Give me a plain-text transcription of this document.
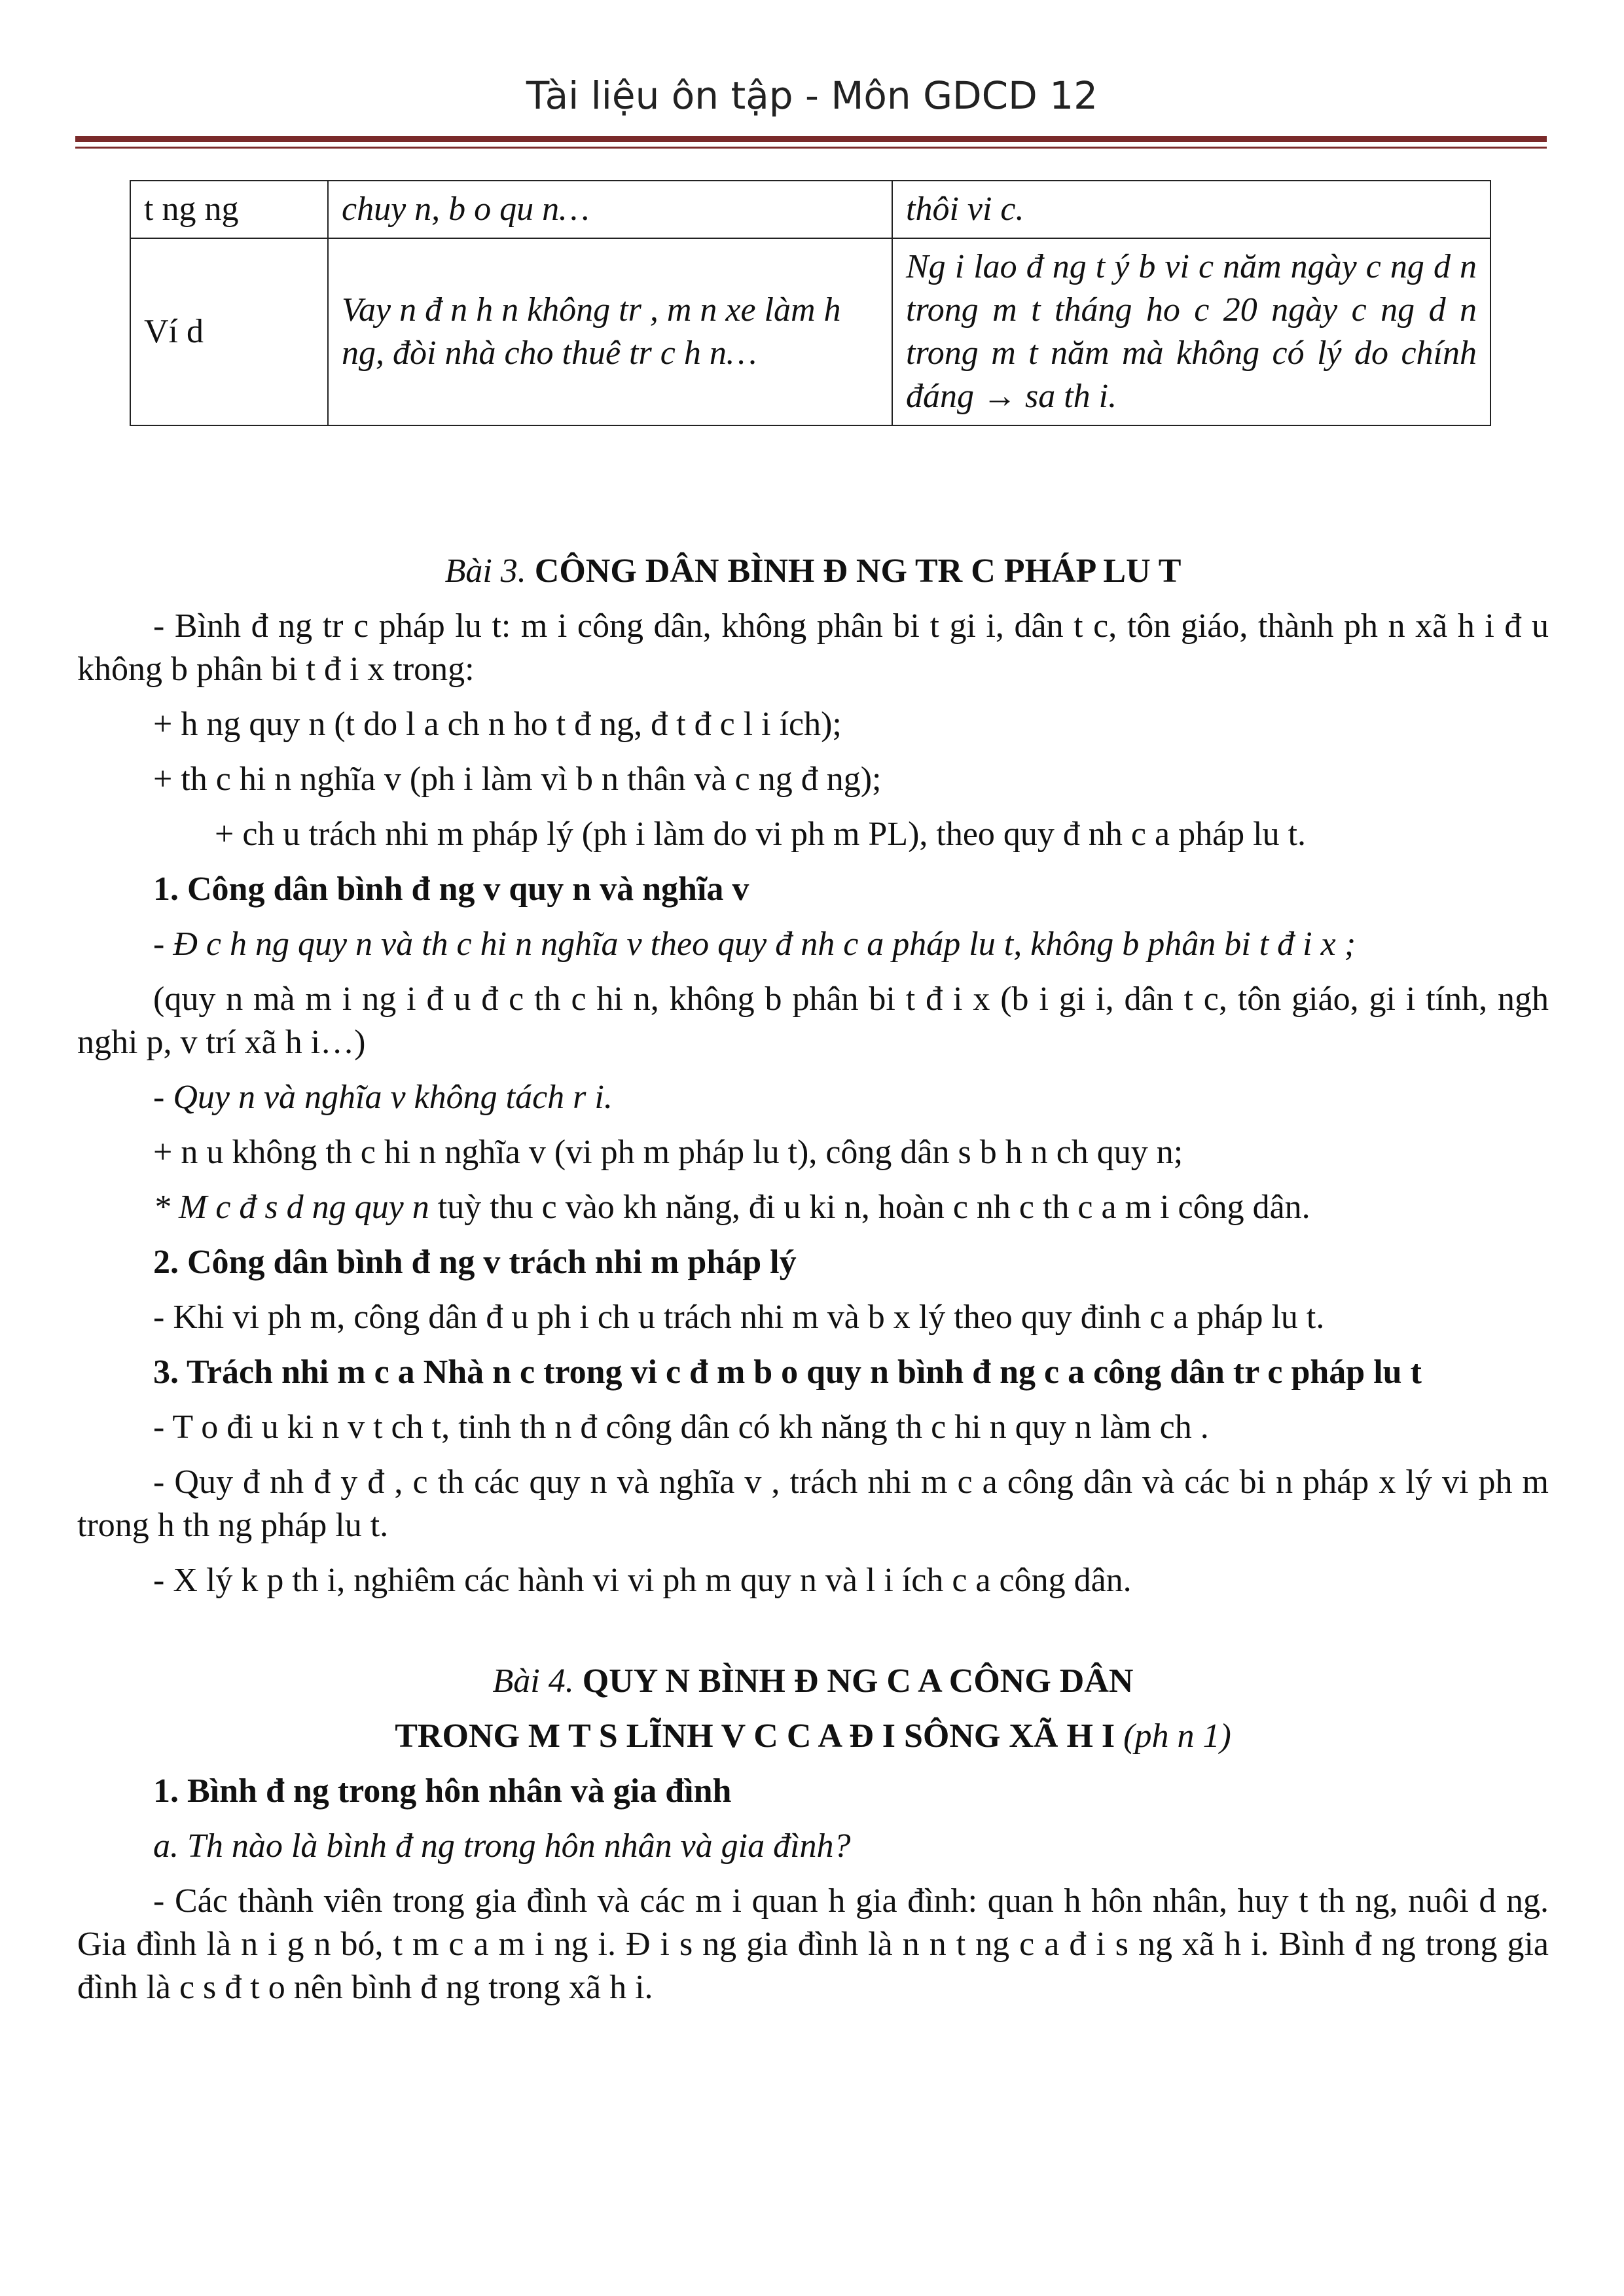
Tài liệu ôn tập - Môn GDCD 12
t ng ng	chuy n, b o qu n…	thôi vi c.
Ví d	Vay n đ n h n không tr , m n xe làm h ng, đòi nhà cho thuê tr c h n…	Ng i lao đ ng t ý b vi c năm ngày c ng d n trong m t tháng ho c 20 ngày c ng d n trong m t năm mà không có lý do chính đáng → sa th i.

Bài 3. CÔNG DÂN BÌNH Đ NG TR C PHÁP LU T

- Bình đ ng tr c pháp lu t: m i công dân, không phân bi t gi i, dân t c, tôn giáo, thành ph n xã h i đ u không b phân bi t đ i x trong:

+ h ng quy n (t do l a ch n ho t đ ng, đ t đ c l i ích);

+ th c hi n nghĩa v (ph i làm vì b n thân và c ng đ ng);

+ ch u trách nhi m pháp lý (ph i làm do vi ph m PL), theo quy đ nh c a pháp lu t.

1. Công dân bình đ ng v quy n và nghĩa v

- Đ c h ng quy n và th c hi n nghĩa v theo quy đ nh c a pháp lu t, không b phân bi t đ i x ;

(quy n mà m i ng i đ u đ c th c hi n, không b phân bi t đ i x (b i gi i, dân t c, tôn giáo, gi i tính, ngh nghi p, v trí xã h i…)

- Quy n và nghĩa v không tách r i.

+ n u không th c hi n nghĩa v (vi ph m pháp lu t), công dân s b h n ch quy n;

* M c đ s d ng quy n tuỳ thu c vào kh năng, đi u ki n, hoàn c nh c th c a m i công dân.

2. Công dân bình đ ng v trách nhi m pháp lý

- Khi vi ph m, công dân đ u ph i ch u trách nhi m và b x lý theo quy đinh c a pháp lu t.

3. Trách nhi m c a Nhà n c trong vi c đ m b o quy n bình đ ng c a công dân tr c pháp lu t

- T o đi u ki n v t ch t, tinh th n đ công dân có kh năng th c hi n quy n làm ch .

- Quy đ nh đ y đ , c th các quy n và nghĩa v , trách nhi m c a công dân và các bi n pháp x lý vi ph m trong h th ng pháp lu t.

- X lý k p th i, nghiêm các hành vi vi ph m quy n và l i ích c a công dân.

Bài 4. QUY N BÌNH Đ NG C A CÔNG DÂN

TRONG M T S LĨNH V C C A Đ I SÔNG XÃ H I (ph n 1)

1. Bình đ ng trong hôn nhân và gia đình

a. Th nào là bình đ ng trong hôn nhân và gia đình?

- Các thành viên trong gia đình và các m i quan h gia đình: quan h hôn nhân, huy t th ng, nuôi d ng. Gia đình là n i g n bó, t m c a m i ng i. Đ i s ng gia đình là n n t ng c a đ i s ng xã h i. Bình đ ng trong gia đình là c s đ t o nên bình đ ng trong xã h i.
